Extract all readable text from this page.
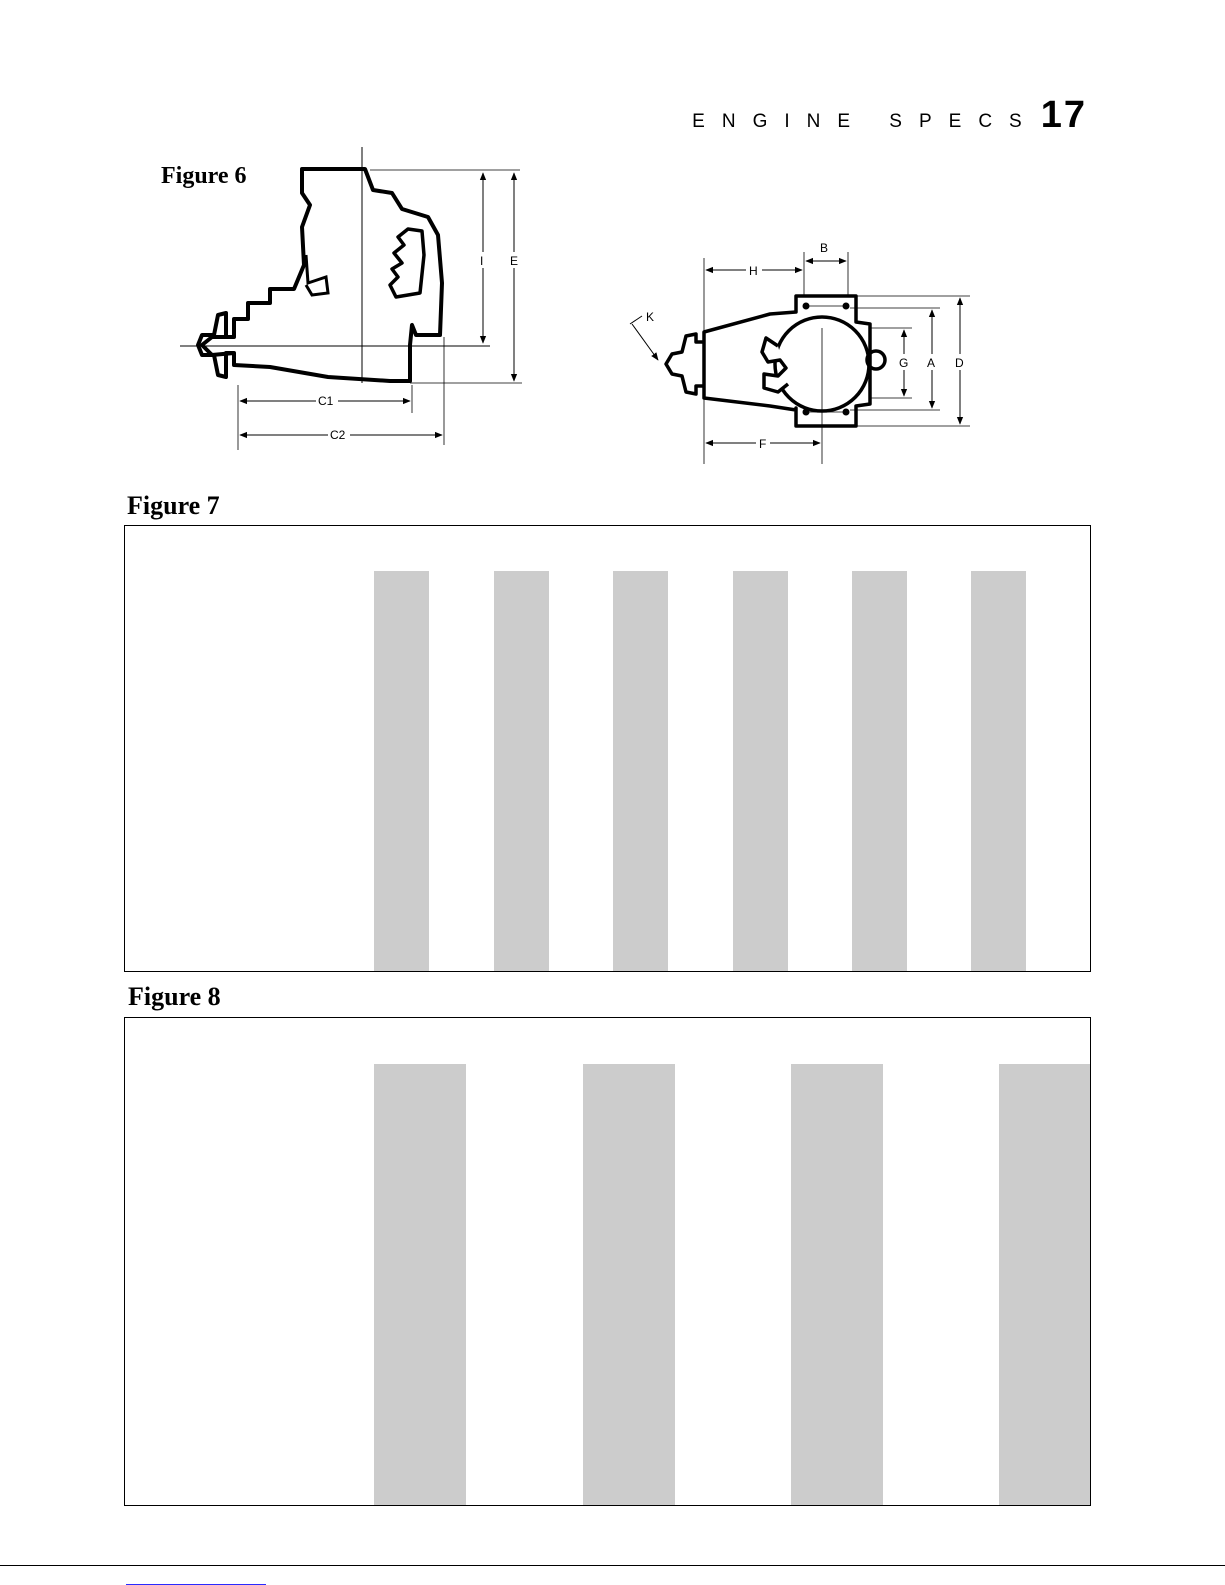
ENGINE SPECS 17
Figure 6
I E
C1
C2
H
B
K
G A D
F
Figure 7
Figure 8
